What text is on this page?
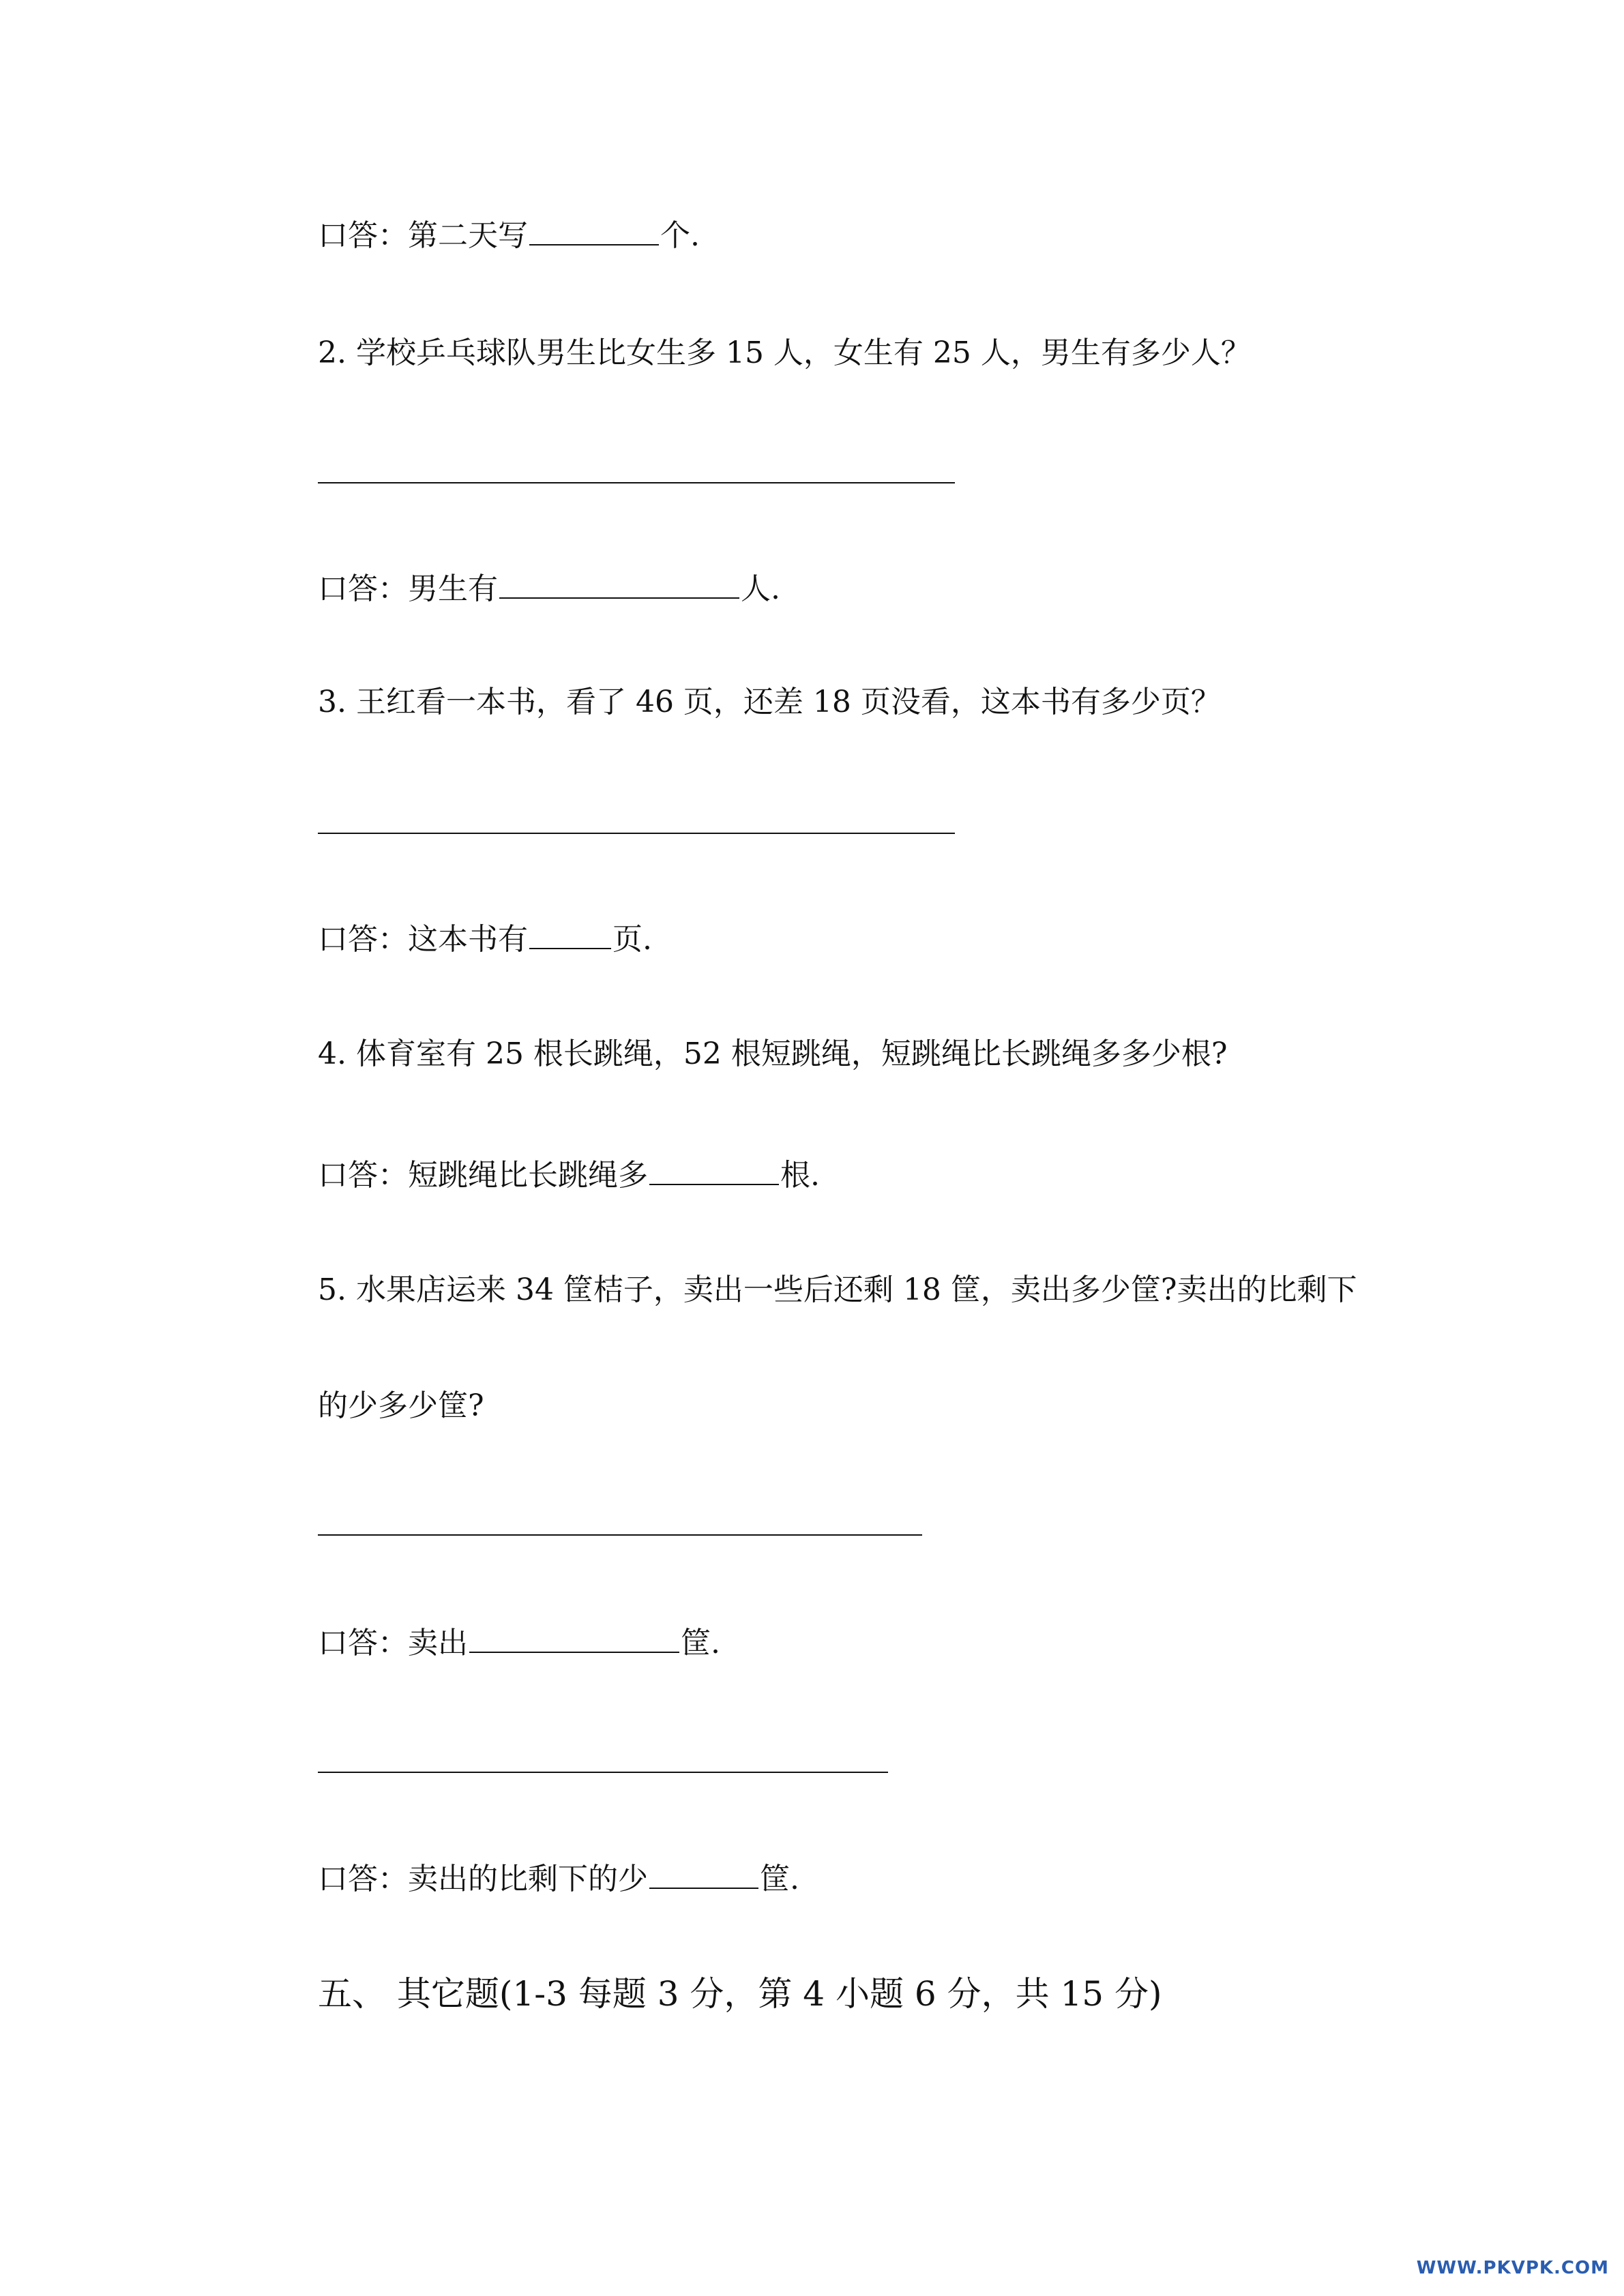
口答：第二天写	个.
2. 学校乒乓球队男生比女生多 15 人，女生有 25 人，男生有多少人？
口答：男生有	人.
3. 王红看一本书，看了 46 页，还差 18 页没看，这本书有多少页？
口答：这本书有	页.
4. 体育室有 25 根长跳绳，52 根短跳绳，短跳绳比长跳绳多多少根?
口答：短跳绳比长跳绳多	根.
5. 水果店运来 34 筐桔子，卖出一些后还剩 18 筐，卖出多少筐?卖出的比剩下
的少多少筐?
口答：卖出	筐.
口答：卖出的比剩下的少	筐.
五、 其它题(1-3 每题 3 分，第 4 小题 6 分，共 15 分)
WWW.PKVPK.COM
